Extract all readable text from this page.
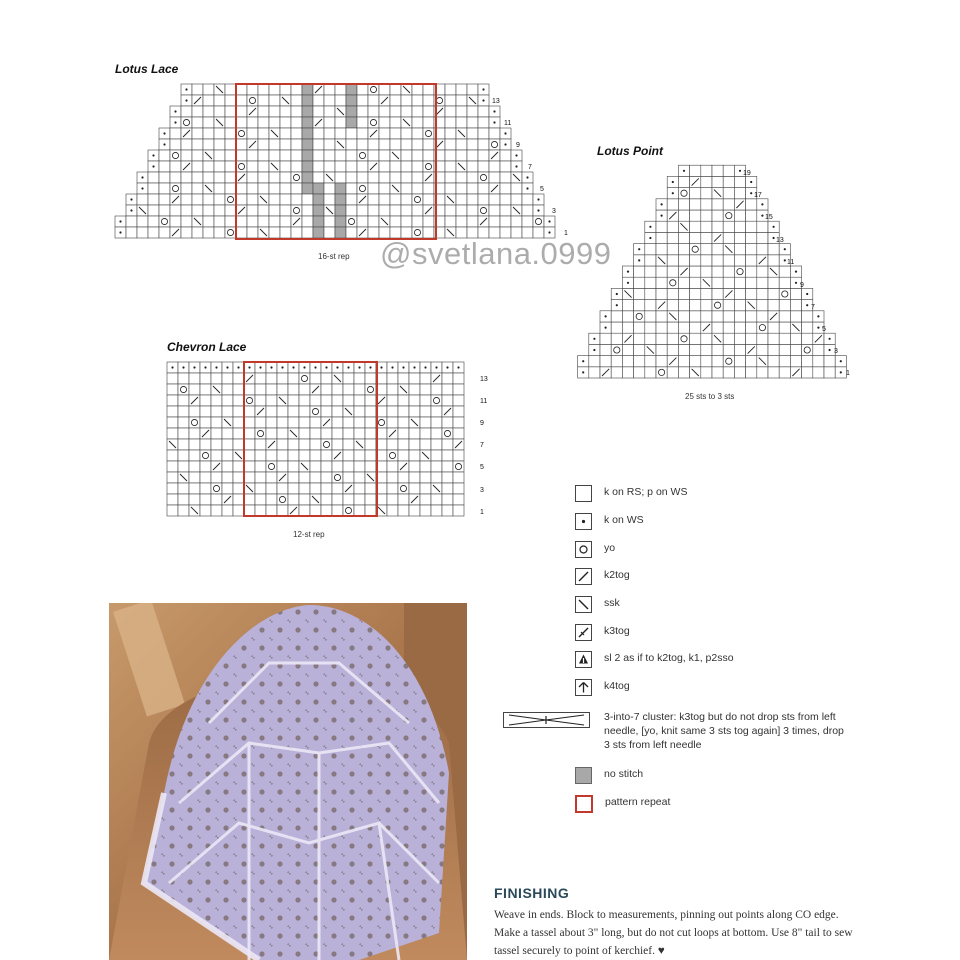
Lotus Lace
16-st rep
13
11
9
7
5
3
1
Lotus Point
25 sts to 3 sts
19
17
15
13
11
9
7
5
3
1
@svetlana.0999
Chevron Lace
12-st rep
13
11
9
7
5
3
1
k on RS; p on WS
k on WS
yo
k2tog
ssk
k3tog
sl 2 as if to k2tog, k1, p2sso
k4tog
3-into-7 cluster: k3tog but do not drop sts from left needle, [yo, knit same 3 sts tog again] 3 times, drop 3 sts from left needle
no stitch
pattern repeat
FINISHING
Weave in ends. Block to measurements, pinning out points along CO edge. Make a tassel about 3" long, but do not cut loops at bottom. Use 8" tail to sew tassel securely to point of kerchief. ♥
